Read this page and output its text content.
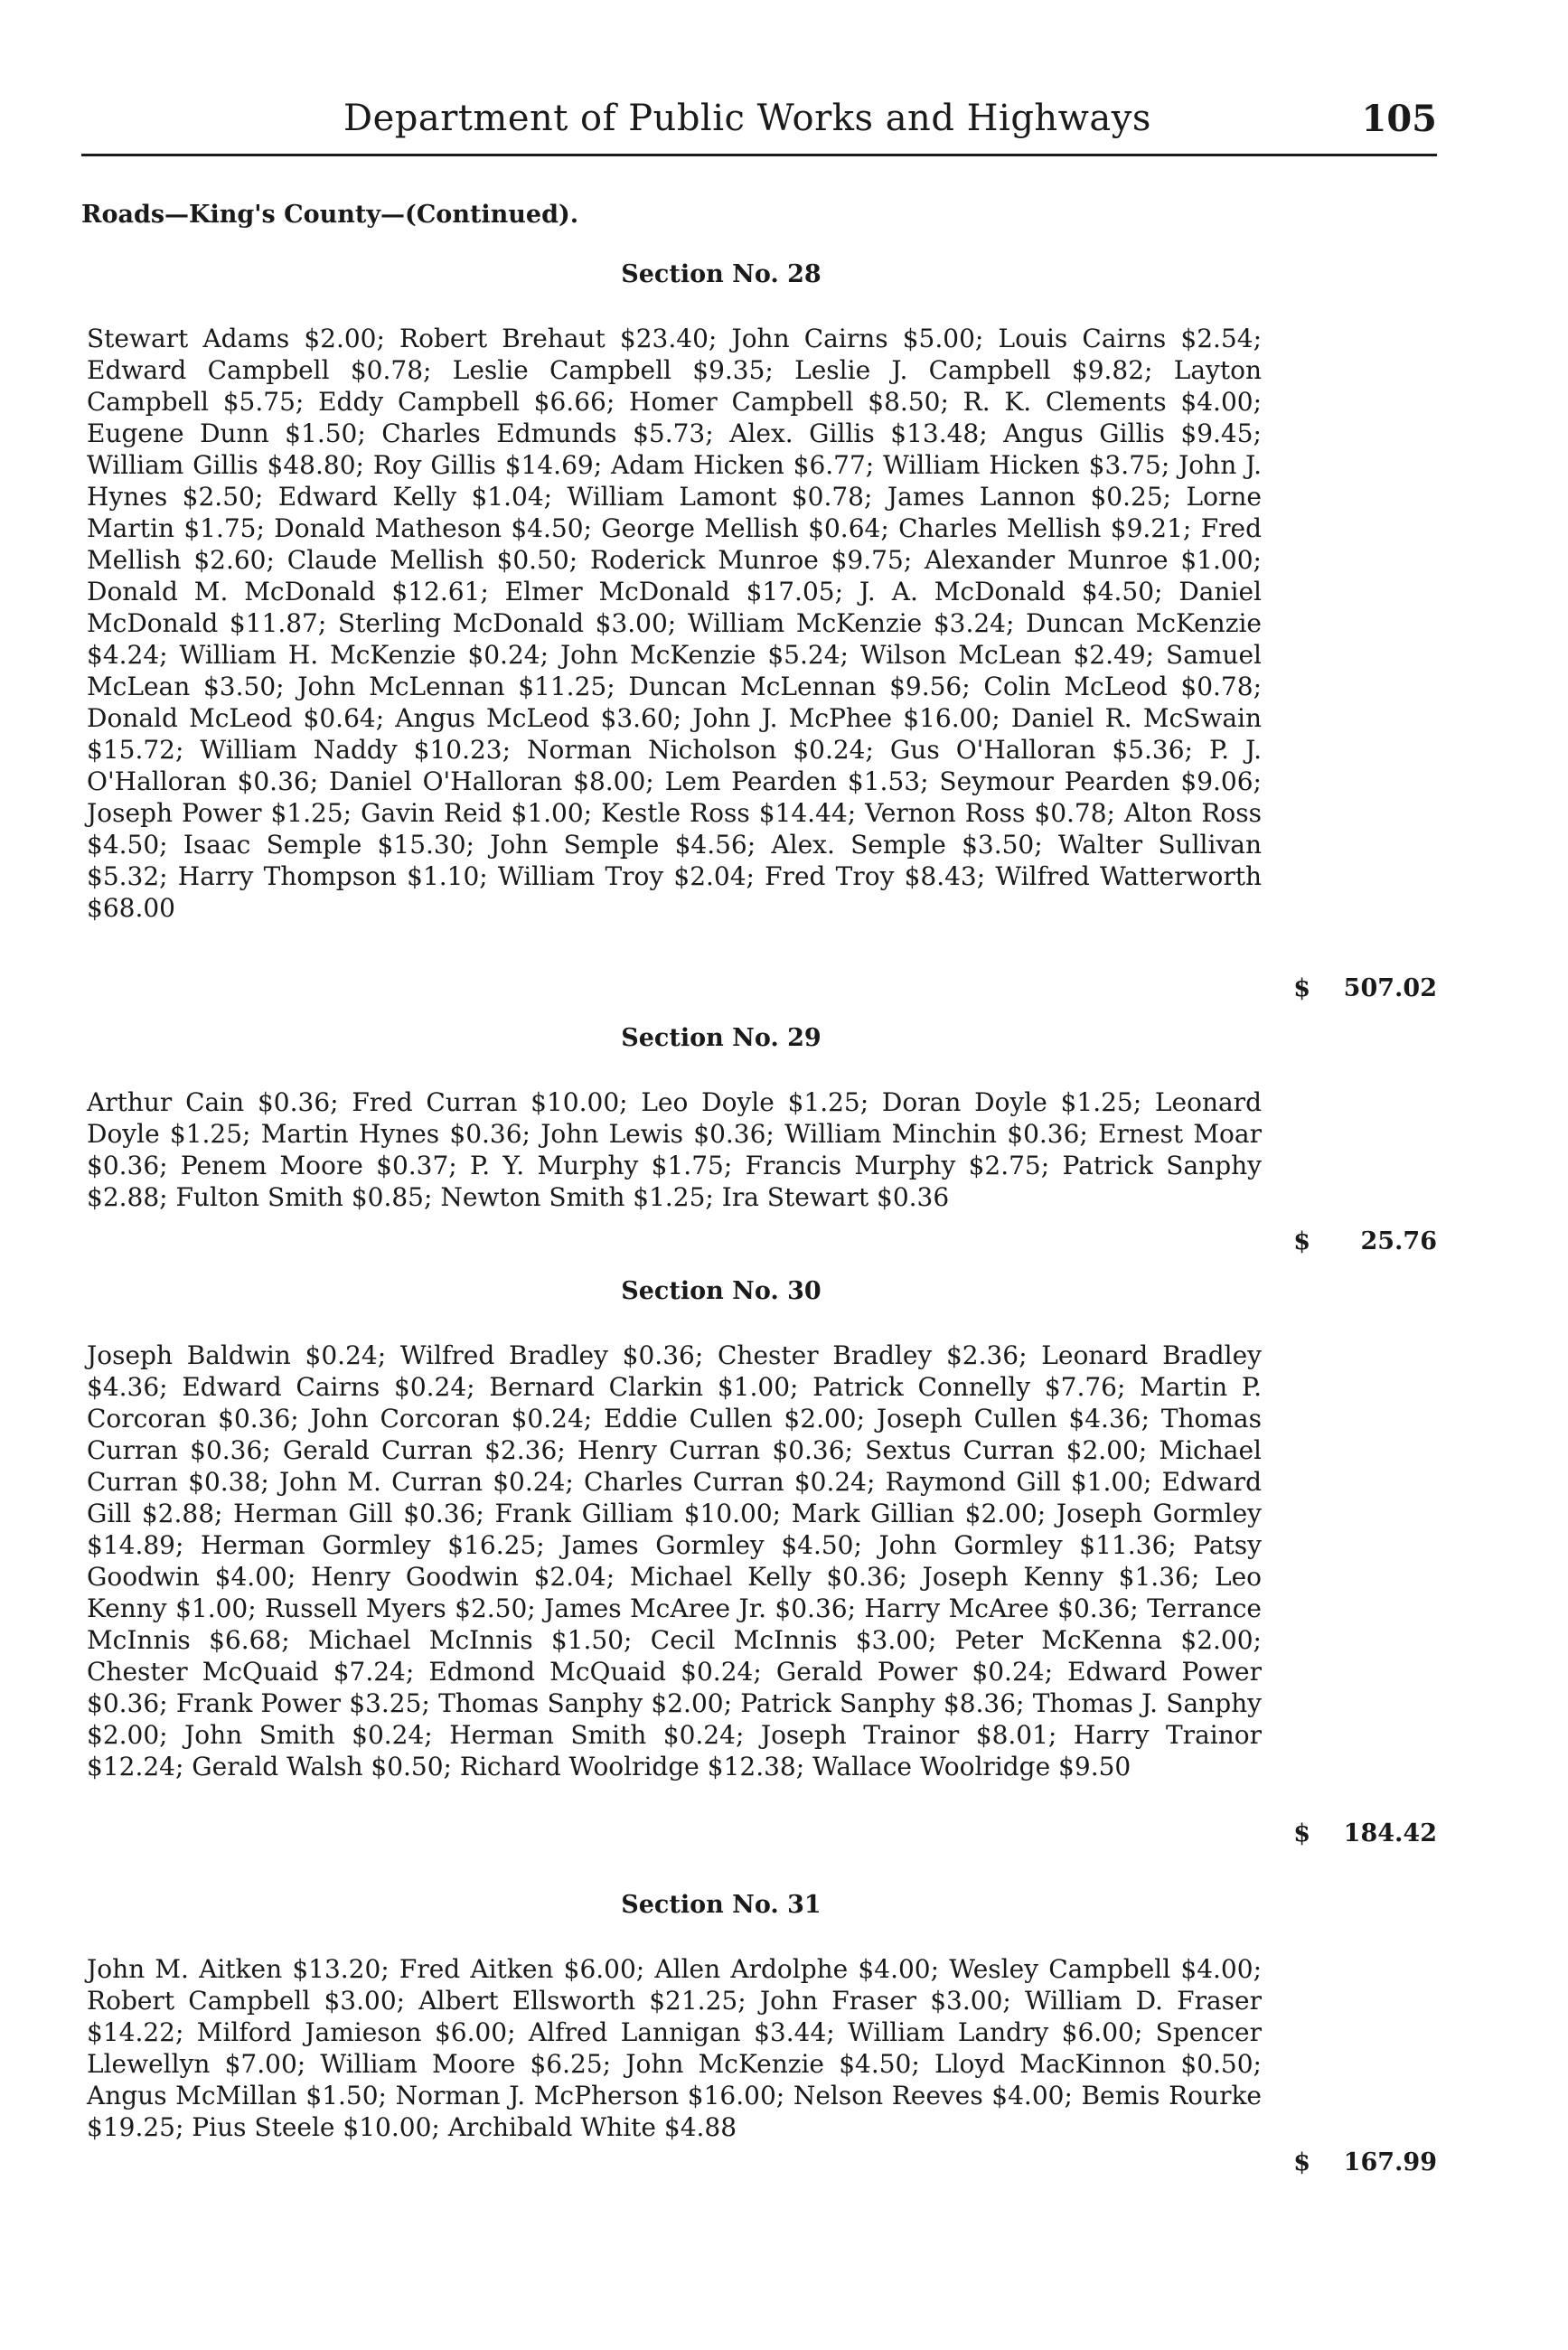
Department of Public Works and Highways	105
Roads—King's County—(Continued).
Section No. 28

Stewart Adams $2.00; Robert Brehaut $23.40; John Cairns $5.00; Louis Cairns $2.54; Edward Campbell $0.78; Leslie Campbell $9.35; Leslie J. Campbell $9.82; Layton Campbell $5.75; Eddy Campbell $6.66; Homer Campbell $8.50; R. K. Clements $4.00; Eugene Dunn $1.50; Charles Edmunds $5.73; Alex. Gillis $13.48; Angus Gillis $9.45; William Gillis $48.80; Roy Gillis $14.69; Adam Hicken $6.77; William Hicken $3.75; John J. Hynes $2.50; Edward Kelly $1.04; William Lamont $0.78; James Lannon $0.25; Lorne Martin $1.75; Donald Matheson $4.50; George Mellish $0.64; Charles Mellish $9.21; Fred Mellish $2.60; Claude Mellish $0.50; Roderick Munroe $9.75; Alexander Munroe $1.00; Donald M. McDonald $12.61; Elmer McDonald $17.05; J. A. McDonald $4.50; Daniel McDonald $11.87; Sterling McDonald $3.00; William McKenzie $3.24; Duncan McKenzie $4.24; William H. McKenzie $0.24; John McKenzie $5.24; Wilson McLean $2.49; Samuel McLean $3.50; John McLennan $11.25; Duncan McLennan $9.56; Colin McLeod $0.78; Donald McLeod $0.64; Angus McLeod $3.60; John J. McPhee $16.00; Daniel R. McSwain $15.72; William Naddy $10.23; Norman Nicholson $0.24; Gus O'Halloran $5.36; P. J. O'Halloran $0.36; Daniel O'Halloran $8.00; Lem Pearden $1.53; Seymour Pearden $9.06; Joseph Power $1.25; Gavin Reid $1.00; Kestle Ross $14.44; Vernon Ross $0.78; Alton Ross $4.50; Isaac Semple $15.30; John Semple $4.56; Alex. Semple $3.50; Walter Sullivan $5.32; Harry Thompson $1.10; William Troy $2.04; Fred Troy $8.43; Wilfred Watterworth $68.00

$ 507.02
Section No. 29

Arthur Cain $0.36; Fred Curran $10.00; Leo Doyle $1.25; Doran Doyle $1.25; Leonard Doyle $1.25; Martin Hynes $0.36; John Lewis $0.36; William Minchin $0.36; Ernest Moar $0.36; Penem Moore $0.37; P. Y. Murphy $1.75; Francis Murphy $2.75; Patrick Sanphy $2.88; Fulton Smith $0.85; Newton Smith $1.25; Ira Stewart $0.36

$ 25.76
Section No. 30

Joseph Baldwin $0.24; Wilfred Bradley $0.36; Chester Bradley $2.36; Leonard Bradley $4.36; Edward Cairns $0.24; Bernard Clarkin $1.00; Patrick Connelly $7.76; Martin P. Corcoran $0.36; John Corcoran $0.24; Eddie Cullen $2.00; Joseph Cullen $4.36; Thomas Curran $0.36; Gerald Curran $2.36; Henry Curran $0.36; Sextus Curran $2.00; Michael Curran $0.38; John M. Curran $0.24; Charles Curran $0.24; Raymond Gill $1.00; Edward Gill $2.88; Herman Gill $0.36; Frank Gilliam $10.00; Mark Gillian $2.00; Joseph Gormley $14.89; Herman Gormley $16.25; James Gormley $4.50; John Gormley $11.36; Patsy Goodwin $4.00; Henry Goodwin $2.04; Michael Kelly $0.36; Joseph Kenny $1.36; Leo Kenny $1.00; Russell Myers $2.50; James McAree Jr. $0.36; Harry McAree $0.36; Terrance McInnis $6.68; Michael McInnis $1.50; Cecil McInnis $3.00; Peter McKenna $2.00; Chester McQuaid $7.24; Edmond McQuaid $0.24; Gerald Power $0.24; Edward Power $0.36; Frank Power $3.25; Thomas Sanphy $2.00; Patrick Sanphy $8.36; Thomas J. Sanphy $2.00; John Smith $0.24; Herman Smith $0.24; Joseph Trainor $8.01; Harry Trainor $12.24; Gerald Walsh $0.50; Richard Woolridge $12.38; Wallace Woolridge $9.50

$ 184.42
Section No. 31

John M. Aitken $13.20; Fred Aitken $6.00; Allen Ardolphe $4.00; Wesley Campbell $4.00; Robert Campbell $3.00; Albert Ellsworth $21.25; John Fraser $3.00; William D. Fraser $14.22; Milford Jamieson $6.00; Alfred Lannigan $3.44; William Landry $6.00; Spencer Llewellyn $7.00; William Moore $6.25; John McKenzie $4.50; Lloyd MacKinnon $0.50; Angus McMillan $1.50; Norman J. McPherson $16.00; Nelson Reeves $4.00; Bemis Rourke $19.25; Pius Steele $10.00; Archibald White $4.88

$ 167.99
